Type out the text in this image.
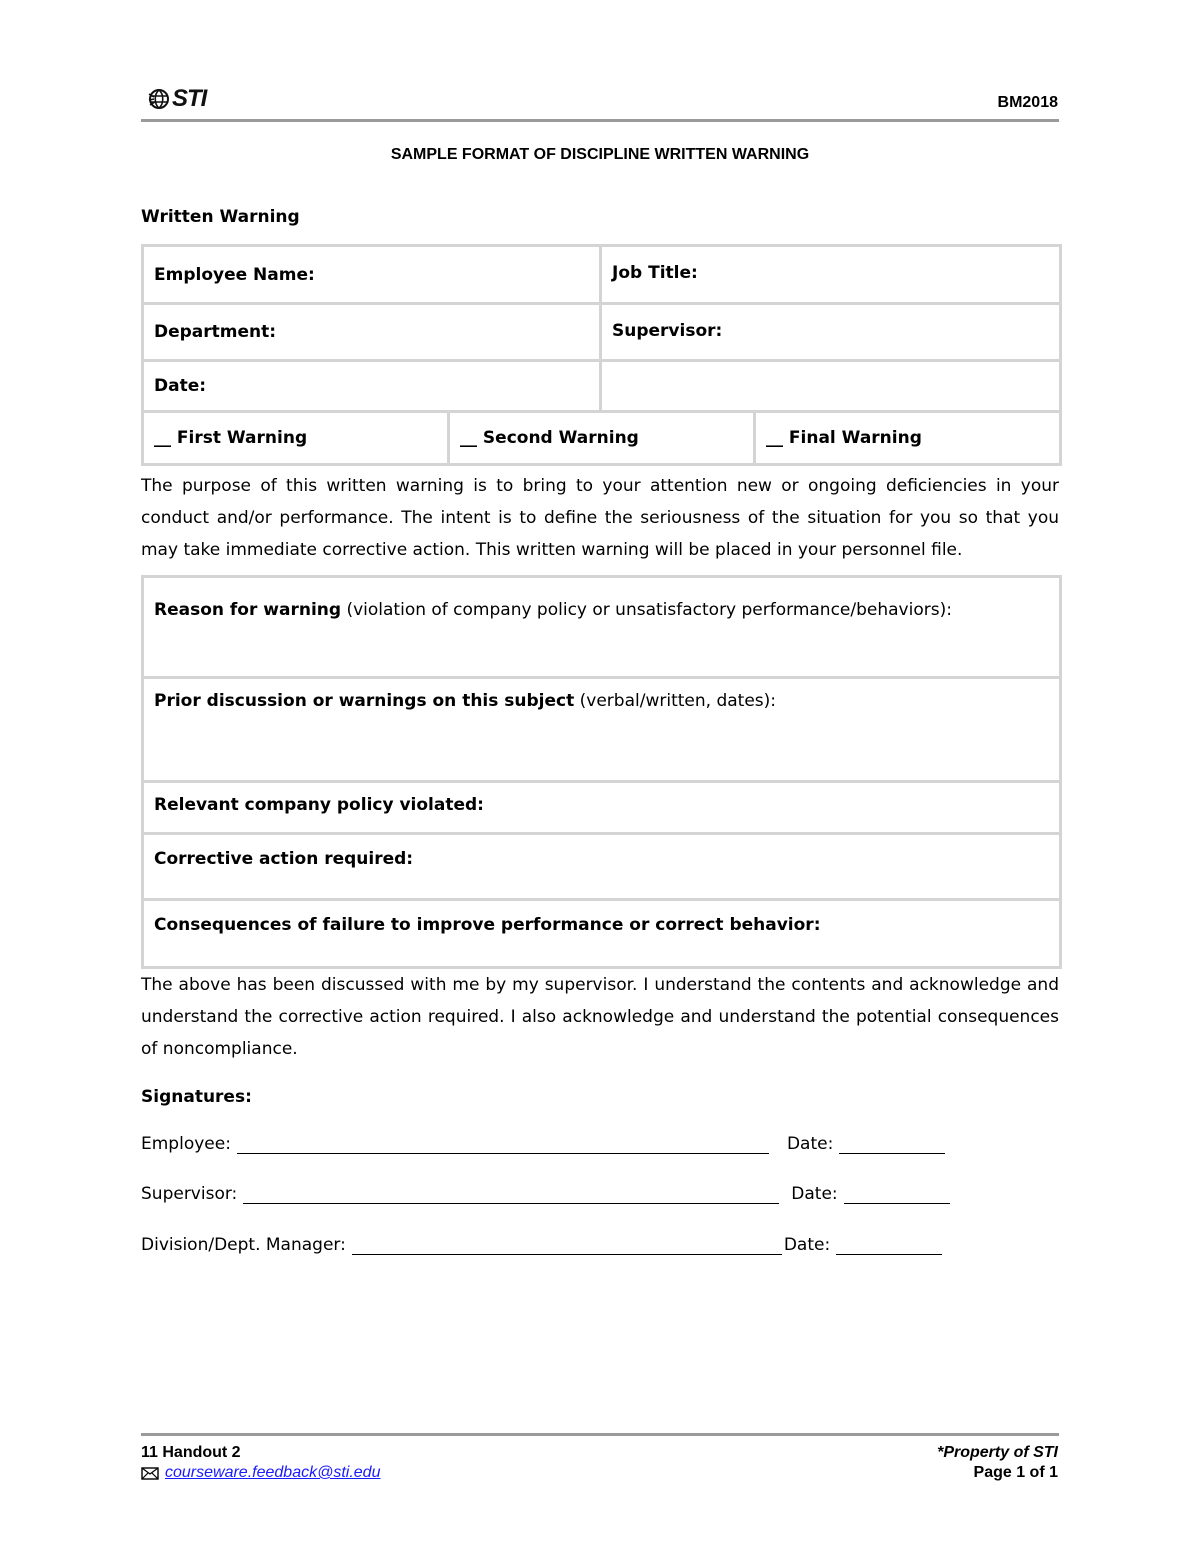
STI	BM2018
SAMPLE FORMAT OF DISCIPLINE WRITTEN WARNING
Written Warning
Employee Name:	Job Title:
Department:	Supervisor:
Date:	
__ First Warning	__ Second Warning	__ Final Warning
The purpose of this written warning is to bring to your attention new or ongoing deficiencies in your conduct and/or performance. The intent is to define the seriousness of the situation for you so that you may take immediate corrective action. This written warning will be placed in your personnel file.
Reason for warning (violation of company policy or unsatisfactory performance/behaviors):
Prior discussion or warnings on this subject (verbal/written, dates):
Relevant company policy violated:
Corrective action required:
Consequences of failure to improve performance or correct behavior:
The above has been discussed with me by my supervisor. I understand the contents and acknowledge and understand the corrective action required. I also acknowledge and understand the potential consequences of noncompliance.
Signatures:
Employee:	Date:
Supervisor:	Date:
Division/Dept. Manager:	Date:
11 Handout 2
courseware.feedback@sti.edu
*Property of STI
Page 1 of 1
